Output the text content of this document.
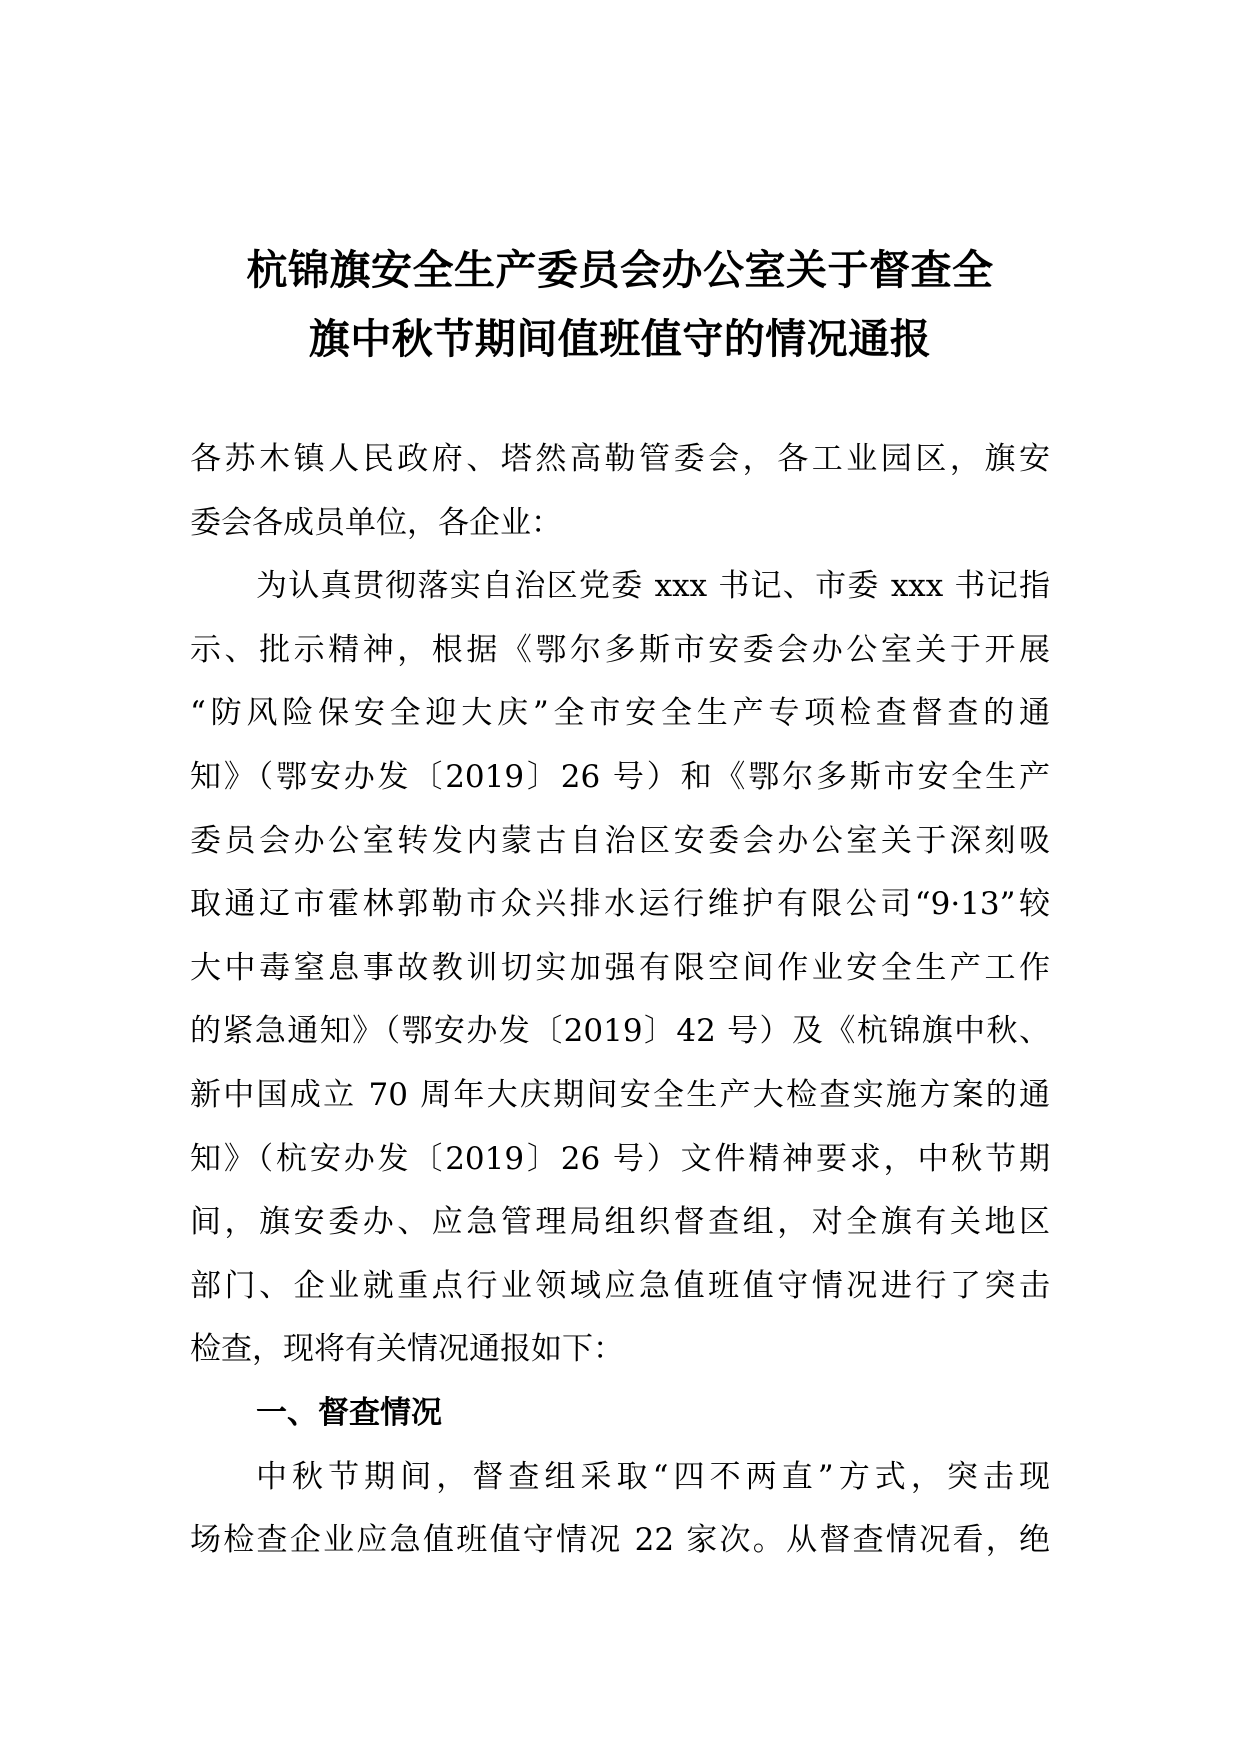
杭锦旗安全生产委员会办公室关于督查全
旗中秋节期间值班值守的情况通报
各苏木镇人民政府、塔然高勒管委会，各工业园区，旗安
委会各成员单位，各企业：
为认真贯彻落实自治区党委 xxx 书记、市委 xxx 书记指
示、批示精神，根据《鄂尔多斯市安委会办公室关于开展
“防风险保安全迎大庆”全市安全生产专项检查督查的通
知》（鄂安办发〔2019〕26 号）和《鄂尔多斯市安全生产
委员会办公室转发内蒙古自治区安委会办公室关于深刻吸
取通辽市霍林郭勒市众兴排水运行维护有限公司“9·13”较
大中毒窒息事故教训切实加强有限空间作业安全生产工作
的紧急通知》（鄂安办发〔2019〕42 号）及《杭锦旗中秋、
新中国成立 70 周年大庆期间安全生产大检查实施方案的通
知》（杭安办发〔2019〕26 号）文件精神要求，中秋节期
间，旗安委办、应急管理局组织督查组，对全旗有关地区
部门、企业就重点行业领域应急值班值守情况进行了突击
检查，现将有关情况通报如下：
一、督查情况
中秋节期间，督查组采取“四不两直”方式，突击现
场检查企业应急值班值守情况 22 家次。从督查情况看，绝
